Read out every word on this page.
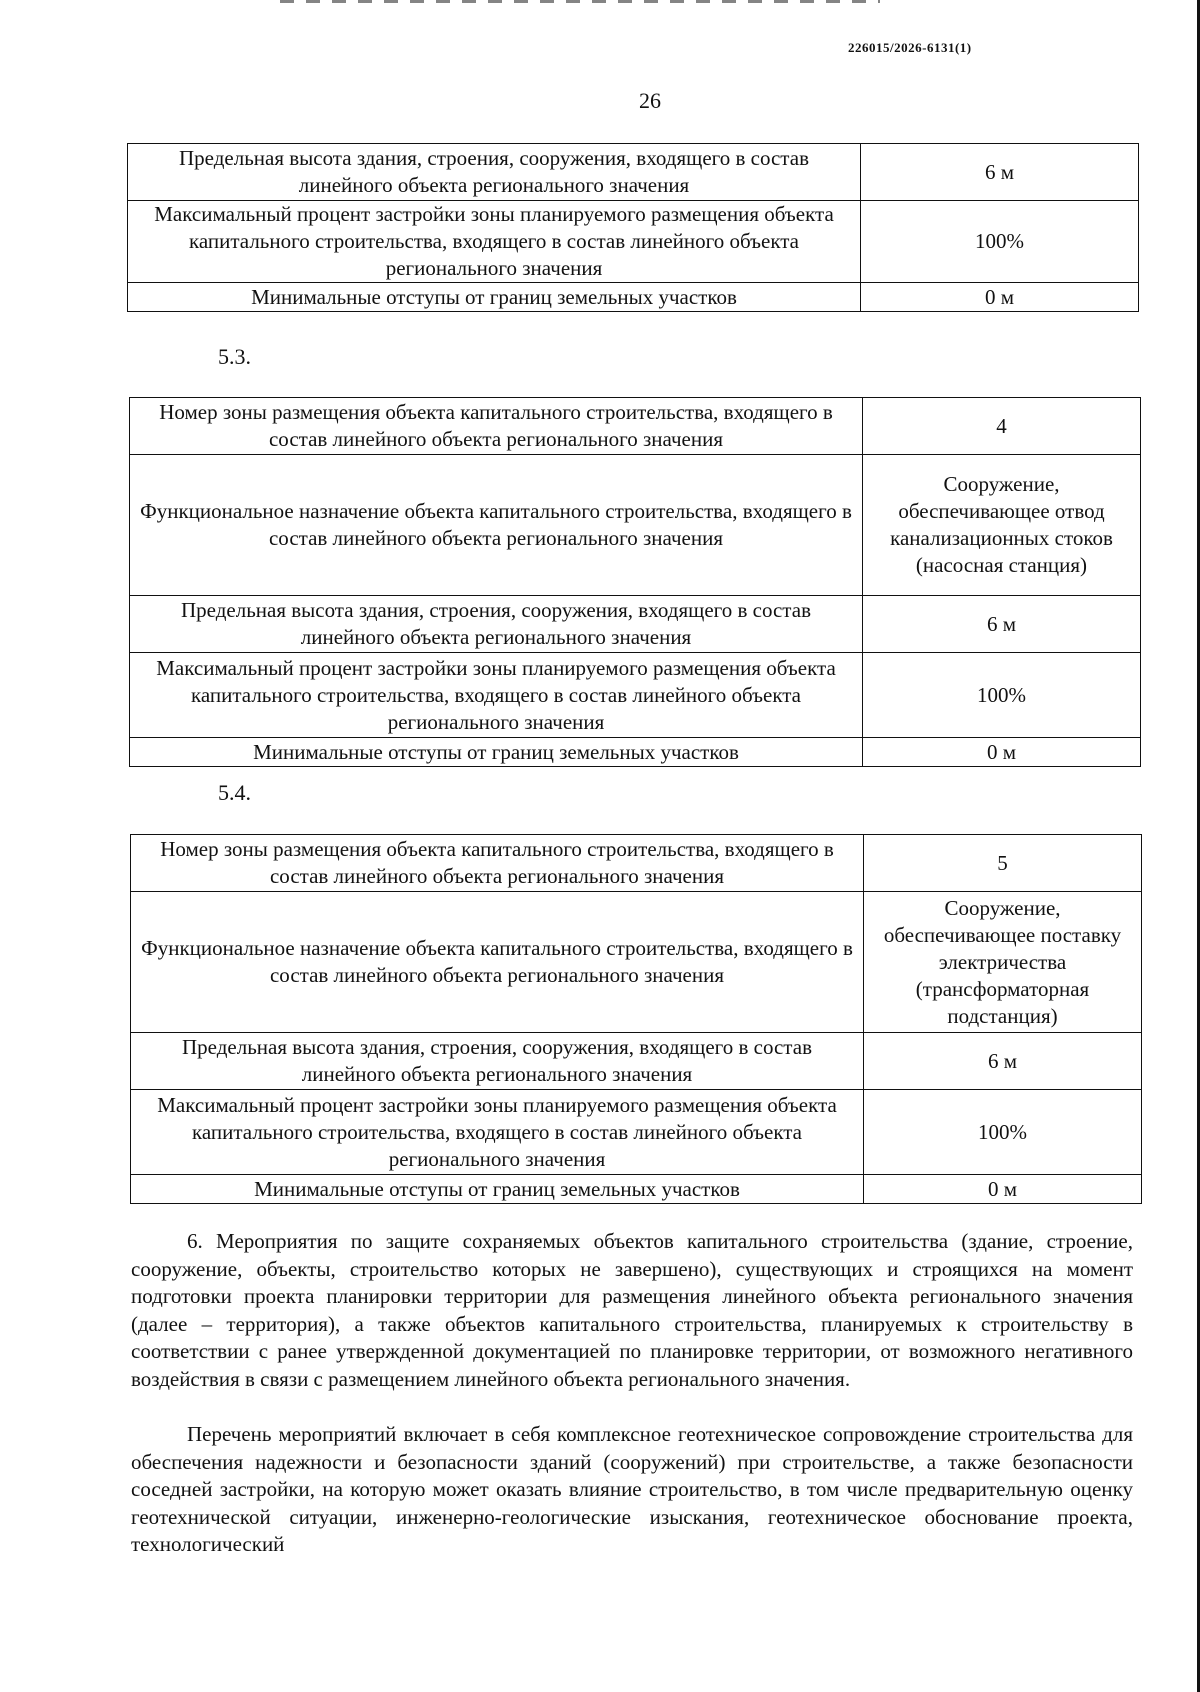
226015/2026-6131(1)
26
Предельная высота здания, строения, сооружения, входящего в состав линейного объекта регионального значения	6 м
Максимальный процент застройки зоны планируемого размещения объекта капитального строительства, входящего в состав линейного объекта регионального значения	100%
Минимальные отступы от границ земельных участков	0 м
5.3.
Номер зоны размещения объекта капитального строительства, входящего в состав линейного объекта регионального значения	4
Функциональное назначение объекта капитального строительства, входящего в состав линейного объекта регионального значения	Сооружение, обеспечивающее отвод канализационных стоков (насосная станция)
Предельная высота здания, строения, сооружения, входящего в состав линейного объекта регионального значения	6 м
Максимальный процент застройки зоны планируемого размещения объекта капитального строительства, входящего в состав линейного объекта регионального значения	100%
Минимальные отступы от границ земельных участков	0 м
5.4.
Номер зоны размещения объекта капитального строительства, входящего в состав линейного объекта регионального значения	5
Функциональное назначение объекта капитального строительства, входящего в состав линейного объекта регионального значения	Сооружение, обеспечивающее поставку электричества (трансформаторная подстанция)
Предельная высота здания, строения, сооружения, входящего в состав линейного объекта регионального значения	6 м
Максимальный процент застройки зоны планируемого размещения объекта капитального строительства, входящего в состав линейного объекта регионального значения	100%
Минимальные отступы от границ земельных участков	0 м

6. Мероприятия по защите сохраняемых объектов капитального строительства (здание, строение, сооружение, объекты, строительство которых не завершено), существующих и строящихся на момент подготовки проекта планировки территории для размещения линейного объекта регионального значения (далее – территория), а также объектов капитального строительства, планируемых к строительству в соответствии с ранее утвержденной документацией по планировке территории, от возможного негативного воздействия в связи с размещением линейного объекта регионального значения.

Перечень мероприятий включает в себя комплексное геотехническое сопровождение строительства для обеспечения надежности и безопасности зданий (сооружений) при строительстве, а также безопасности соседней застройки, на которую может оказать влияние строительство, в том числе предварительную оценку геотехнической ситуации, инженерно-геологические изыскания, геотехническое обоснование проекта, технологический
